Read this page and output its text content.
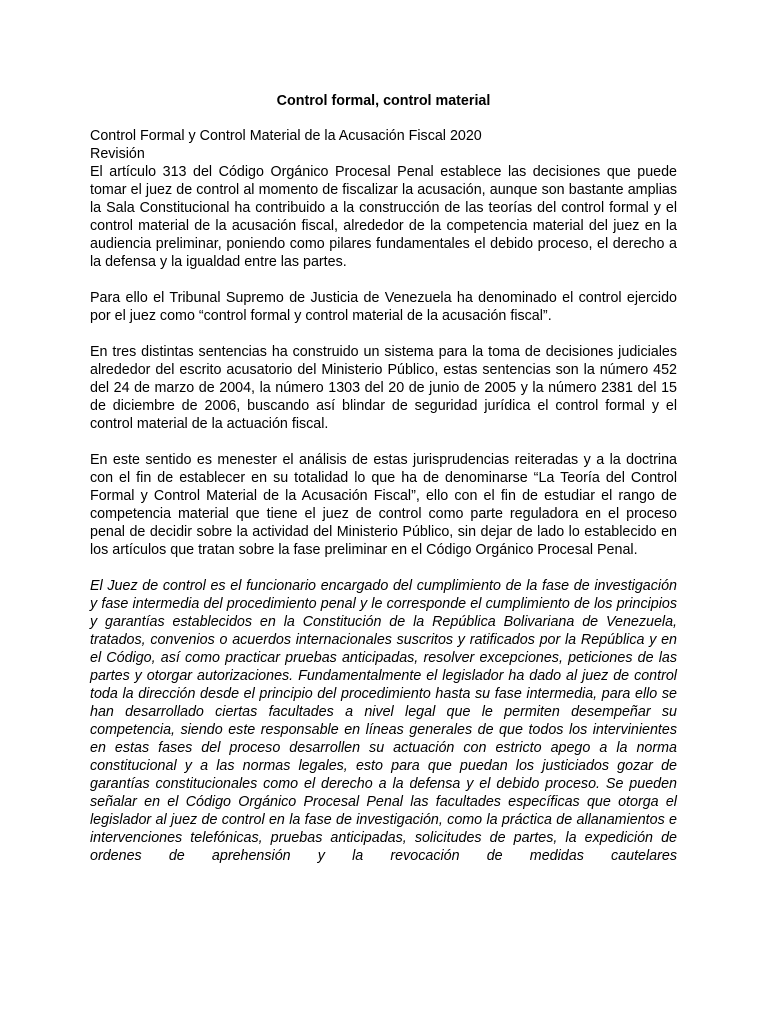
Control formal, control material

Control Formal y Control Material de la Acusación Fiscal 2020

Revisión

El artículo 313 del Código Orgánico Procesal Penal establece las decisiones que puede tomar el juez de control al momento de fiscalizar la acusación, aunque son bastante amplias la Sala Constitucional ha contribuido a la construcción de las teorías del control formal y el control material de la acusación fiscal, alrededor de la competencia material del juez en la audiencia preliminar, poniendo como pilares fundamentales el debido proceso, el derecho a la defensa y la igualdad entre las partes.

Para ello el Tribunal Supremo de Justicia de Venezuela ha denominado el control ejercido por el juez como “control formal y control material de la acusación fiscal”.

En tres distintas sentencias ha construido un sistema para la toma de decisiones judiciales alrededor del escrito acusatorio del Ministerio Público, estas sentencias son la número 452 del 24 de marzo de 2004, la número 1303 del 20 de junio de 2005 y la número 2381 del 15 de diciembre de 2006, buscando así blindar de seguridad jurídica el control formal y el control material de la actuación fiscal.

En este sentido es menester el análisis de estas jurisprudencias reiteradas y a la doctrina con el fin de establecer en su totalidad lo que ha de denominarse “La Teoría del Control Formal y Control Material de la Acusación Fiscal”, ello con el fin de estudiar el rango de competencia material que tiene el juez de control como parte reguladora en el proceso penal de decidir sobre la actividad del Ministerio Público, sin dejar de lado lo establecido en los artículos que tratan sobre la fase preliminar en el Código Orgánico Procesal Penal.

El Juez de control es el funcionario encargado del cumplimiento de la fase de investigación y fase intermedia del procedimiento penal y le corresponde el cumplimiento de los principios y garantías establecidos en la Constitución de la República Bolivariana de Venezuela, tratados, convenios o acuerdos internacionales suscritos y ratificados por la República y en el Código, así como practicar pruebas anticipadas, resolver excepciones, peticiones de las partes y otorgar autorizaciones. Fundamentalmente el legislador ha dado al juez de control toda la dirección desde el principio del procedimiento hasta su fase intermedia, para ello se han desarrollado ciertas facultades a nivel legal que le permiten desempeñar su competencia, siendo este responsable en líneas generales de que todos los intervinientes en estas fases del proceso desarrollen su actuación con estricto apego a la norma constitucional y a las normas legales, esto para que puedan los justiciados gozar de garantías constitucionales como el derecho a la defensa y el debido proceso. Se pueden señalar en el Código Orgánico Procesal Penal las facultades específicas que otorga el legislador al juez de control en la fase de investigación, como la práctica de allanamientos e intervenciones telefónicas, pruebas anticipadas, solicitudes de partes, la expedición de ordenes de aprehensión y la revocación de medidas cautelares
